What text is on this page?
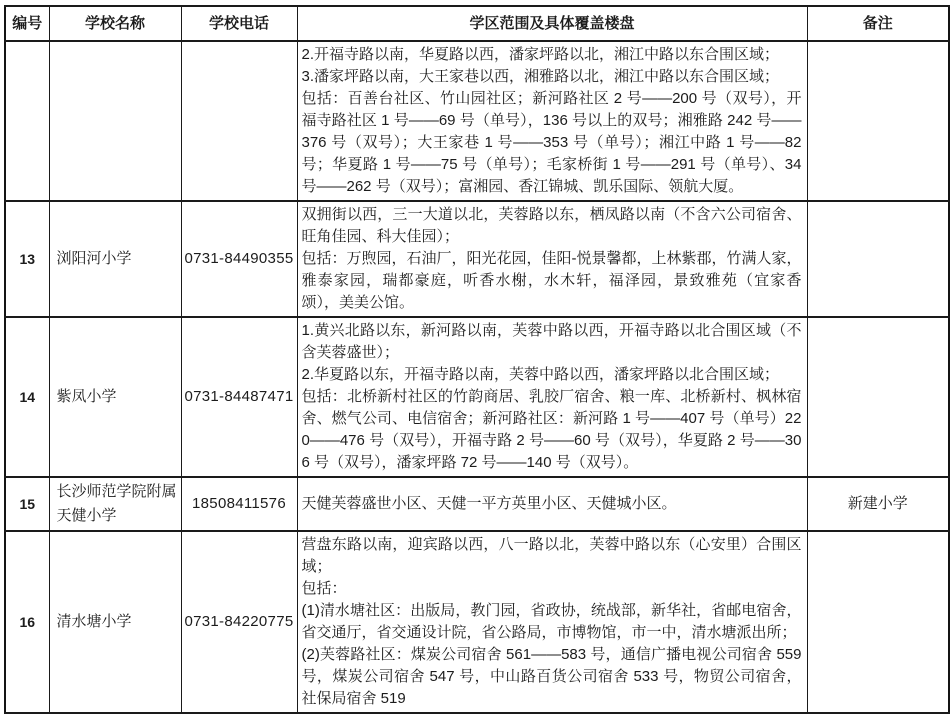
编号	学校名称	学校电话	学区范围及具体覆盖楼盘	备注

			2.开福寺路以南，华夏路以西，潘家坪路以北，湘江中路以东合围区域；
3.潘家坪路以南，大王家巷以西，湘雅路以北，湘江中路以东合围区域；
包括：百善台社区、竹山园社区；新河路社区 2 号——200 号（双号），开福寺路社区 1 号——69 号（单号），136 号以上的双号；湘雅路 242 号——376 号（双号）；大王家巷 1 号——353 号（单号）；湘江中路 1 号——82 号；华夏路 1 号——75 号（单号）；毛家桥街 1 号——291 号（单号）、34 号——262 号（双号）；富湘园、香江锦城、凯乐国际、领航大厦。	

13	浏阳河小学	0731-84490355	双拥街以西，三一大道以北，芙蓉路以东，栖凤路以南（不含六公司宿舍、旺角佳园、科大佳园）；
包括：万煦园，石油厂，阳光花园，佳阳-悦景馨都，上林紫郡，竹满人家，雅泰家园，瑞都豪庭，听香水榭，水木轩，福泽园，景致雅苑（宜家香颂），美美公馆。	

14	紫凤小学	0731-84487471	1.黄兴北路以东，新河路以南，芙蓉中路以西，开福寺路以北合围区域（不含芙蓉盛世）；
2.华夏路以东，开福寺路以南，芙蓉中路以西，潘家坪路以北合围区域；
包括：北桥新村社区的竹韵商居、乳胶厂宿舍、粮一库、北桥新村、枫林宿舍、燃气公司、电信宿舍；新河路社区：新河路 1 号——407 号（单号）220——476 号（双号），开福寺路 2 号——60 号（双号），华夏路 2 号——306 号（双号），潘家坪路 72 号——140 号（双号）。	

15	长沙师范学院附属天健小学	18508411576	天健芙蓉盛世小区、天健一平方英里小区、天健城小区。	新建小学
16	清水塘小学	0731-84220775	营盘东路以南，迎宾路以西，八一路以北，芙蓉中路以东（心安里）合围区域；
包括：
(1)清水塘社区：出版局，教门园，省政协，统战部，新华社，省邮电宿舍，省交通厅，省交通设计院，省公路局，市博物馆，市一中，清水塘派出所；
(2)芙蓉路社区：煤炭公司宿舍 561——583 号，通信广播电视公司宿舍 559 号，煤炭公司宿舍 547 号，中山路百货公司宿舍 533 号，物贸公司宿舍，社保局宿舍 519	
